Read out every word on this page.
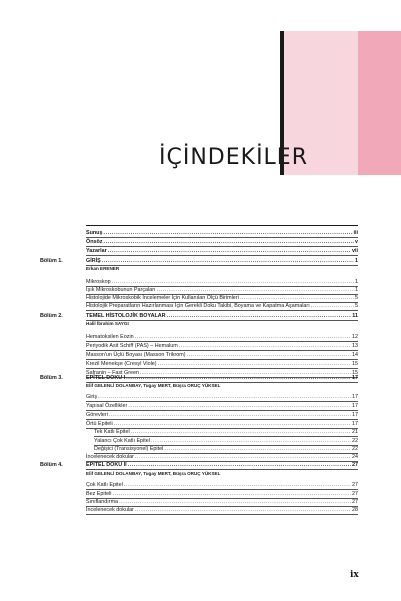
İÇİNDEKİLER
Sunuş .....	iii
Önsöz .....	v
Yazarlar .....	vii
Bölüm 1.	GİRİŞ .....	1
Erkan ERENER
Mikroskop .....	1
Işık Mikroskobunun Parçaları .....	1
Histolojide Mikroskobik İncelemeler İçin Kullanılan Ölçü Birimleri .....	5
Histolojik Preparatların Hazırlanması İçin Gerekli Doku Takibi, Boyama ve Kapatma Aşamaları .....	5
Bölüm 2.	TEMEL HİSTOLOJİK BOYALAR .....	11
Halil İbrahim SAYGI
Hematoksilen Eozin .....	12
Periyodik Asit Schiff (PAS) – Hemalum .....	13
Masson'un Üçlü Boyası (Masson Trikrom) .....	14
Krezil Menekşe (Cresyl Viole) .....	15
Safranin – Fast Green .....	15
Bölüm 3.	EPİTEL DOKU I .....	17
Elif GELENLİ DOLANBAY, Tugay MERT, Büşra ORUÇ YÜKSEL
Giriş .....	17
Yapısal Özellikler .....	17
Görevleri .....	17
Örtü Epiteli .....	17
Tek Katlı Epitel .....	21
Yalancı Çok Katlı Epitel .....	22
Değişici (Transisyonel) Epitel .....	22
İncelenecek dokular .....	24
Bölüm 4.	EPİTEL DOKU II .....	27
Elif GELENLİ DOLANBAY, Tugay MERT, Büşra ORUÇ YÜKSEL
Çok Katlı Epitel .....	27
Bez Epiteli .....	27
Sınıflandırma .....	27
İncelenecek dokular .....	28
ix
